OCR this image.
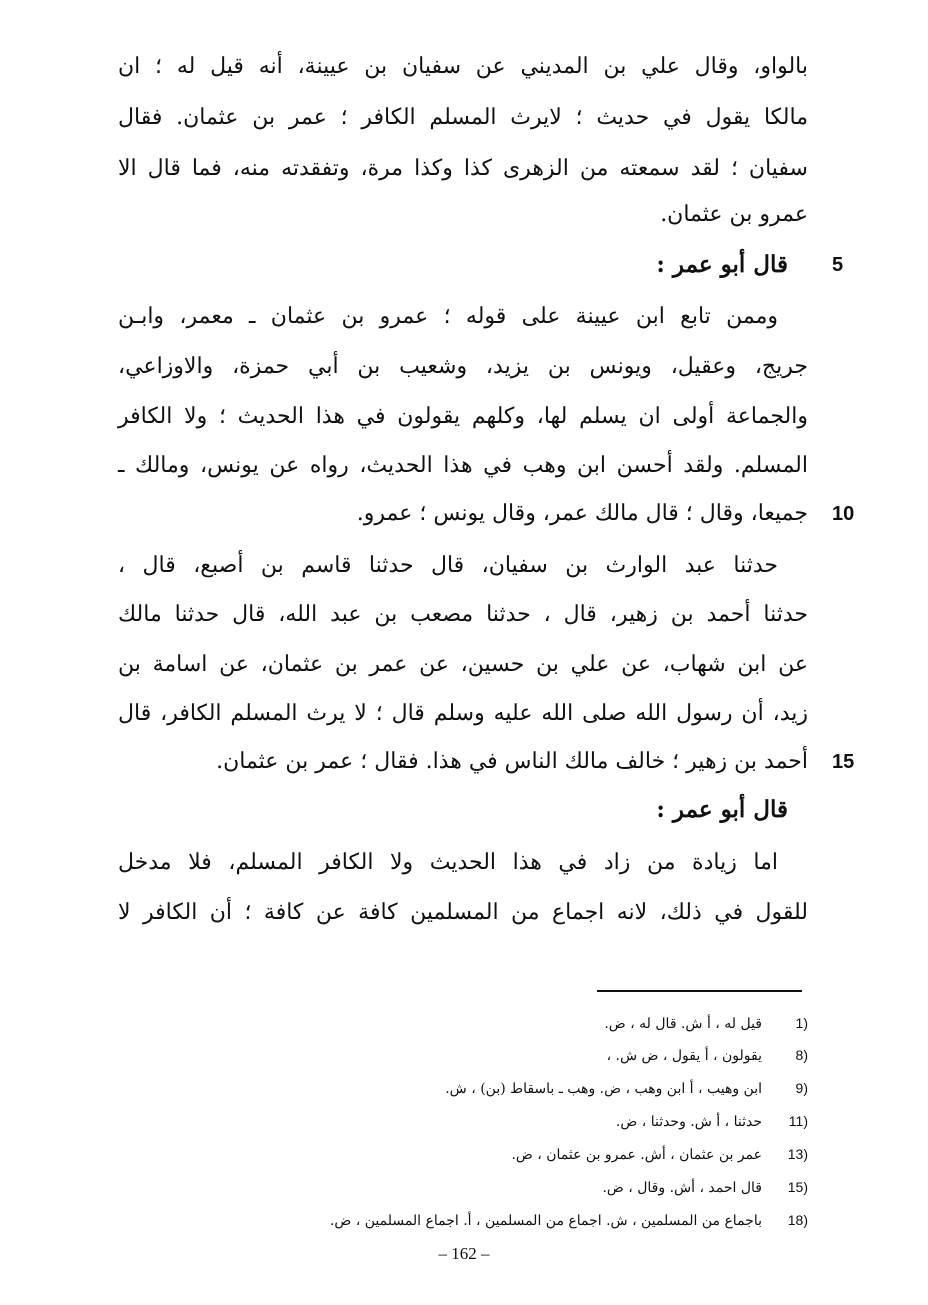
بالواو، وقال علي بن المديني عن سفيان بن عيينة، أنه قيل له ؛ ان
مالكا يقول في حديث ؛ لايرث المسلم الكافر ؛ عمر بن عثمان. فقال
سفيان ؛ لقد سمعته من الزهرى كذا وكذا مرة، وتفقدته منه، فما قال الا
عمرو بن عثمان.
قال أبو عمر : 5
وممن تابع ابن عيينة على قوله ؛ عمرو بن عثمان ـ معمر، وابـن
جريج، وعقيل، ويونس بن يزيد، وشعيب بن أبي حمزة، والاوزاعي،
والجماعة أولى ان يسلم لها، وكلهم يقولون في هذا الحديث ؛ ولا الكافر
المسلم. ولقد أحسن ابن وهب في هذا الحديث، رواه عن يونس، ومالك ـ
جميعا، وقال ؛ قال مالك عمر، وقال يونس ؛ عمرو. 10
حدثنا عبد الوارث بن سفيان، قال حدثنا قاسم بن أصبع، قال ،
حدثنا أحمد بن زهير، قال ، حدثنا مصعب بن عبد الله، قال حدثنا مالك
عن ابن شهاب، عن علي بن حسين، عن عمر بن عثمان، عن اسامة بن
زيد، أن رسول الله صلى الله عليه وسلم قال ؛ لا يرث المسلم الكافر، قال
أحمد بن زهير ؛ خالف مالك الناس في هذا. فقال ؛ عمر بن عثمان. 15
قال أبو عمر :
اما زيادة من زاد في هذا الحديث ولا الكافر المسلم، فلا مدخل
للقول في ذلك، لانه اجماع من المسلمين كافة عن كافة ؛ أن الكافر لا
1)قيل له ، أ ش. قال له ، ض.
8)يقولون ، أ يقول ، ض ش. ،
9)ابن وهيب ، أ ابن وهب ، ض. وهب ـ باسقاط (بن) ، ش.
11)حدثنا ، أ ش. وحدثنا ، ض.
13)عمر بن عثمان ، أش. عمرو بن عثمان ، ض.
15)قال احمد ، أش. وقال ، ض.
18)باجماع من المسلمين ، ش. اجماع من المسلمين ، أ. اجماع المسلمين ، ض.
– 162 –
